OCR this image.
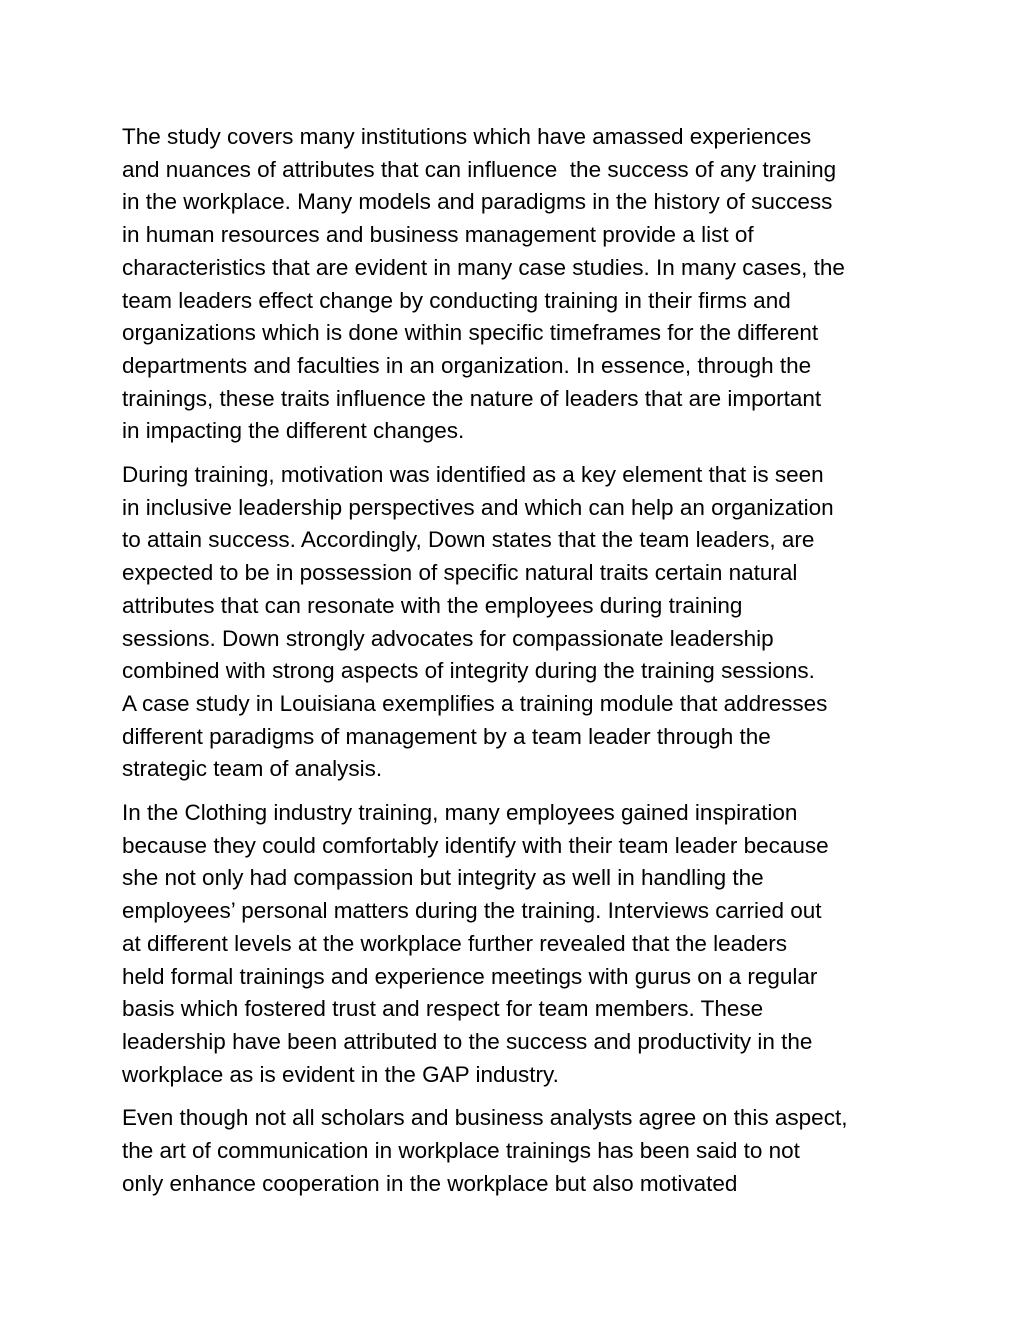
The study covers many institutions which have amassed experiences
and nuances of attributes that can influence  the success of any training
in the workplace. Many models and paradigms in the history of success
in human resources and business management provide a list of
characteristics that are evident in many case studies. In many cases, the
team leaders effect change by conducting training in their firms and
organizations which is done within specific timeframes for the different
departments and faculties in an organization. In essence, through the
trainings, these traits influence the nature of leaders that are important
in impacting the different changes.

During training, motivation was identified as a key element that is seen
in inclusive leadership perspectives and which can help an organization
to attain success. Accordingly, Down states that the team leaders, are
expected to be in possession of specific natural traits certain natural
attributes that can resonate with the employees during training
sessions. Down strongly advocates for compassionate leadership
combined with strong aspects of integrity during the training sessions.
A case study in Louisiana exemplifies a training module that addresses
different paradigms of management by a team leader through the
strategic team of analysis.

In the Clothing industry training, many employees gained inspiration
because they could comfortably identify with their team leader because
she not only had compassion but integrity as well in handling the
employees’ personal matters during the training. Interviews carried out
at different levels at the workplace further revealed that the leaders
held formal trainings and experience meetings with gurus on a regular
basis which fostered trust and respect for team members. These
leadership have been attributed to the success and productivity in the
workplace as is evident in the GAP industry.

Even though not all scholars and business analysts agree on this aspect,
the art of communication in workplace trainings has been said to not
only enhance cooperation in the workplace but also motivated
